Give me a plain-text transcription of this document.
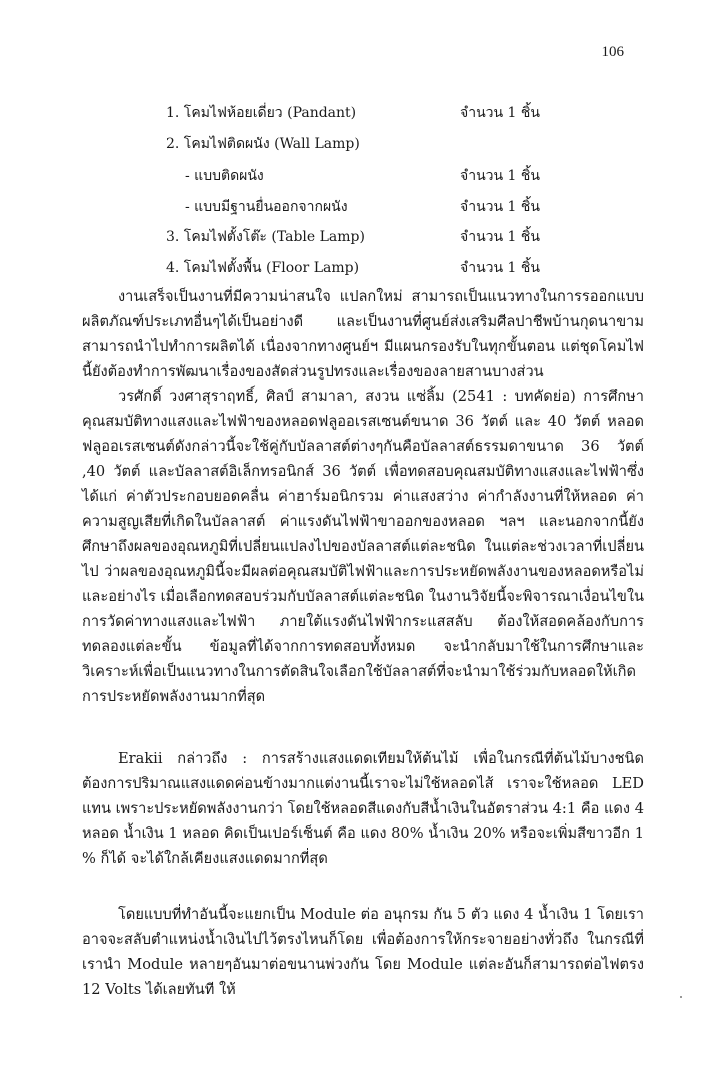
106
1. โคมไฟห้อยเดี่ยว (Pandant)	จำนวน 1 ชิ้น
2. โคมไฟติดผนัง (Wall Lamp)
- แบบติดผนัง	จำนวน 1 ชิ้น
- แบบมีฐานยื่นออกจากผนัง	จำนวน 1 ชิ้น
3. โคมไฟตั้งโต๊ะ (Table Lamp)	จำนวน 1 ชิ้น
4. โคมไฟตั้งพื้น (Floor Lamp)	จำนวน 1 ชิ้น

งานเสร็จเป็นงานที่มีความน่าสนใจ แปลกใหม่ สามารถเป็นแนวทางในการรออกแบบผลิตภัณฑ์ประเภทอื่นๆได้เป็นอย่างดี และเป็นงานที่ศูนย์ส่งเสริมศีลปาชีพบ้านกุดนาขามสามารถนำไปทำการผลิตได้ เนื่องจากทางศูนย์ฯ มีแผนกรองรับในทุกขั้นตอน แต่ชุดโคมไฟนี้ยังต้องทำการพัฒนาเรื่องของสัดส่วนรูปทรงและเรื่องของลายสานบางส่วน

วรศักดิ์ วงศาสุราฤทธิ์, ศิลป์ สามาลา, สงวน แซ่ลิ้ม (2541 : บทคัดย่อ) การศึกษาคุณสมบัติทางแสงและไฟฟ้าของหลอดฟลูออเรสเซนต์ขนาด 36 วัตต์ และ 40 วัตต์ หลอดฟลูออเรสเซนต์ดังกล่าวนี้จะใช้คู่กับบัลลาสต์ต่างๆกันคือบัลลาสต์ธรรมดาขนาด 36 วัตต์ ,40 วัตต์ และบัลลาสต์อิเล็กทรอนิกส์ 36 วัตต์ เพื่อทดสอบคุณสมบัติทางแสงและไฟฟ้าซึ่งได้แก่ ค่าตัวประกอบยอดคลื่น ค่าฮาร์มอนิกรวม ค่าแสงสว่าง ค่ากำลังงานที่ให้หลอด ค่าความสูญเสียที่เกิดในบัลลาสต์ ค่าแรงดันไฟฟ้าขาออกของหลอด ฯลฯ และนอกจากนี้ยังศึกษาถึงผลของอุณหภูมิที่เปลี่ยนแปลงไปของบัลลาสต์แต่ละชนิด ในแต่ละช่วงเวลาที่เปลี่ยนไป ว่าผลของอุณหภูมินี้จะมีผลต่อคุณสมบัติไฟฟ้าและการประหยัดพลังงานของหลอดหรือไม่และอย่างไร เมื่อเลือกทดสอบร่วมกับบัลลาสต์แต่ละชนิด ในงานวิจัยนี้จะพิจารณาเงื่อนไขในการวัดค่าทางแสงและไฟฟ้า ภายใต้แรงดันไฟฟ้ากระแสสลับ ต้องให้สอดคล้องกับการทดลองแต่ละขั้น ข้อมูลที่ได้จากการทดสอบทั้งหมด จะนำกลับมาใช้ในการศึกษาและวิเคราะห์เพื่อเป็นแนวทางในการตัดสินใจเลือกใช้บัลลาสต์ที่จะนำมาใช้ร่วมกับหลอดให้เกิดการประหยัดพลังงานมากที่สุด

Erakii กล่าวถึง : การสร้างแสงแดดเทียมให้ต้นไม้ เพื่อในกรณีที่ต้นไม้บางชนิดต้องการปริมาณแสงแดดค่อนข้างมากแต่งานนี้เราจะไม่ใช้หลอดไส้ เราจะใช้หลอด LED แทน เพราะประหยัดพลังงานกว่า โดยใช้หลอดสีแดงกับสีน้ำเงินในอัตราส่วน 4:1 คือ แดง 4 หลอด น้ำเงิน 1 หลอด คิดเป็นเปอร์เซ็นต์ คือ แดง 80% น้ำเงิน 20% หรือจะเพิ่มสีขาวอีก 1 % ก็ได้ จะได้ใกล้เคียงแสงแดดมากที่สุด

โดยแบบที่ทำอันนี้จะแยกเป็น Module ต่อ อนุกรม กัน 5 ตัว แดง 4 น้ำเงิน 1 โดยเราอาจจะสลับตำแหน่งน้ำเงินไปไว้ตรงไหนก็โดย เพื่อต้องการให้กระจายอย่างทั่วถึง ในกรณีที่เรานำ Module หลายๆอันมาต่อขนานพ่วงกัน โดย Module แต่ละอันก็สามารถต่อไฟตรง 12 Volts ได้เลยทันที ให้
